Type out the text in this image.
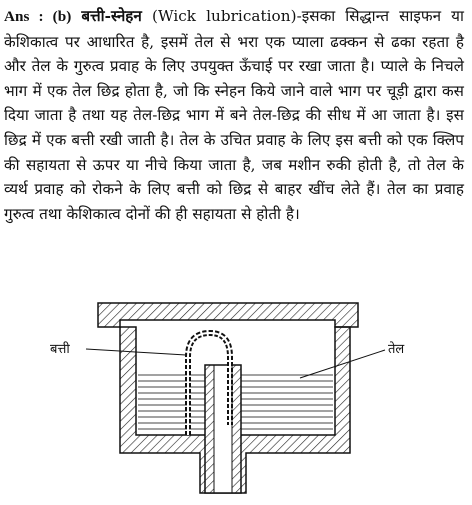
Ans : (b) बत्ती-स्नेहन (Wick lubrication)-इसका सिद्धान्त साइफन या केशिकात्व पर आधारित है, इसमें तेल से भरा एक प्याला ढक्कन से ढका रहता है और तेल के गुरुत्व प्रवाह के लिए उपयुक्त ऊँचाई पर रखा जाता है। प्याले के निचले भाग में एक तेल छिद्र होता है, जो कि स्नेहन किये जाने वाले भाग पर चूड़ी द्वारा कस दिया जाता है तथा यह तेल-छिद्र भाग में बने तेल-छिद्र की सीध में आ जाता है। इस छिद्र में एक बत्ती रखी जाती है। तेल के उचित प्रवाह के लिए इस बत्ती को एक क्लिप की सहायता से ऊपर या नीचे किया जाता है, जब मशीन रुकी होती है, तो तेल के व्यर्थ प्रवाह को रोकने के लिए बत्ती को छिद्र से बाहर खींच लेते हैं। तेल का प्रवाह गुरुत्व तथा केशिकात्व दोनों की ही सहायता से होती है।
बत्ती	तेल
